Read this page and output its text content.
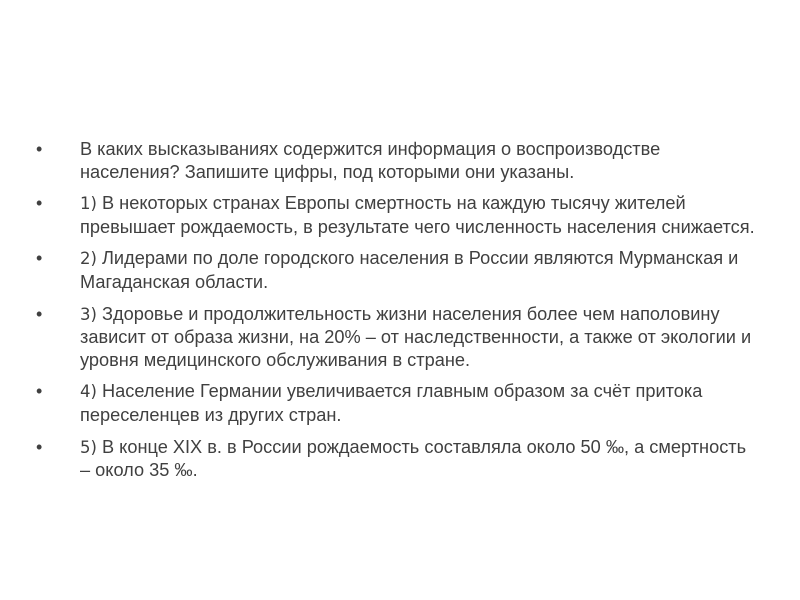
•	В каких высказываниях содержится информация о воспроизводстве населения? Запишите цифры, под которыми они указаны.
•	1) В некоторых странах Европы смертность на каждую тысячу жителей превышает рождаемость, в результате чего численность населения снижается.
•	2) Лидерами по доле городского населения в России являются Мурманская и Магаданская области.
•	3) Здоровье и продолжительность жизни населения более чем наполовину зависит от образа жизни, на 20% – от наследственности, а также от экологии и уровня медицинского обслуживания в стране.
•	4) Население Германии увеличивается главным образом за счёт притока переселенцев из других стран.
•	5) В конце XIX в. в России рождаемость составляла около 50 ‰, а смертность – около 35 ‰.
